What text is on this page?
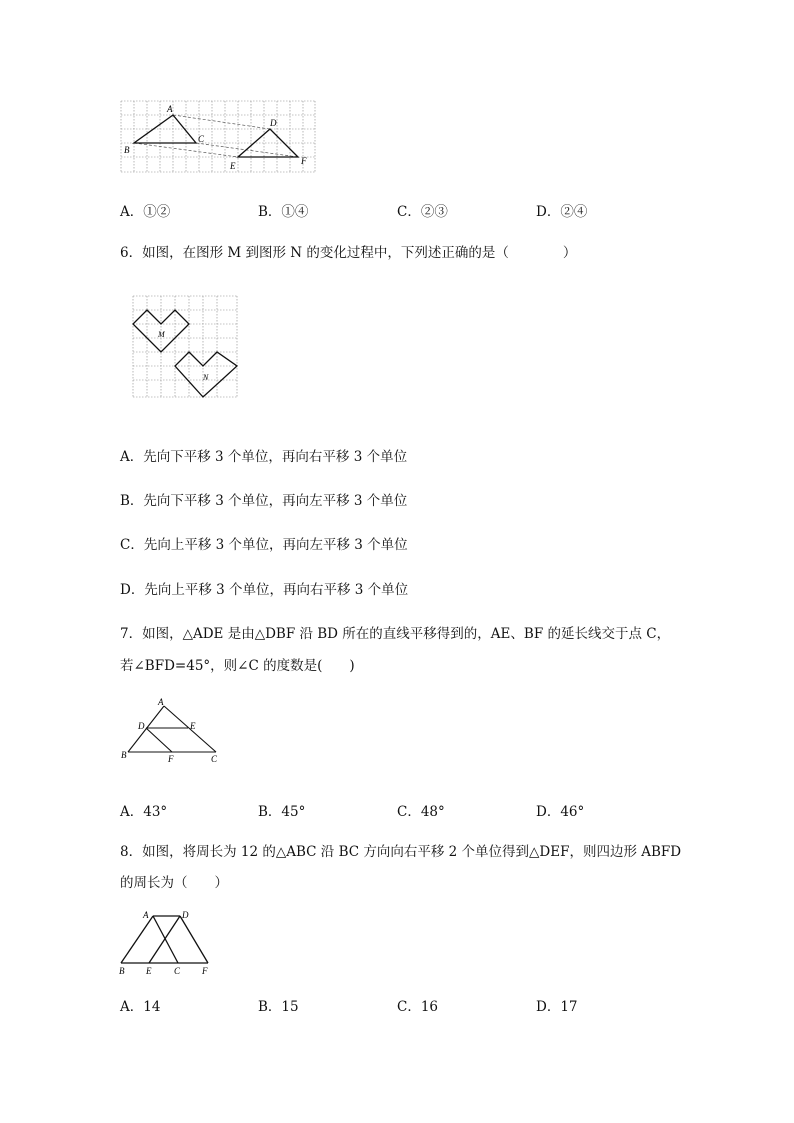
A
B
C
D
E	F
A．①②	B．①④	C．②③	D．②④
6．如图，在图形 M 到图形 N 的变化过程中，下列述正确的是（　　　　）
M
N
A．先向下平移 3 个单位，再向右平移 3 个单位
B．先向下平移 3 个单位，再向左平移 3 个单位
C．先向上平移 3 个单位，再向左平移 3 个单位
D．先向上平移 3 个单位，再向右平移 3 个单位
7．如图，△ADE 是由△DBF 沿 BD 所在的直线平移得到的，AE、BF 的延长线交于点 C，
若∠BFD=45°，则∠C 的度数是(　　)
A
D	E
B	F	C
A．43°	B．45°	C．48°	D．46°
8．如图，将周长为 12 的△ABC 沿 BC 方向向右平移 2 个单位得到△DEF，则四边形 ABFD
的周长为（　　）
A	D
B E	C F
A．14	B．15	C．16	D．17
